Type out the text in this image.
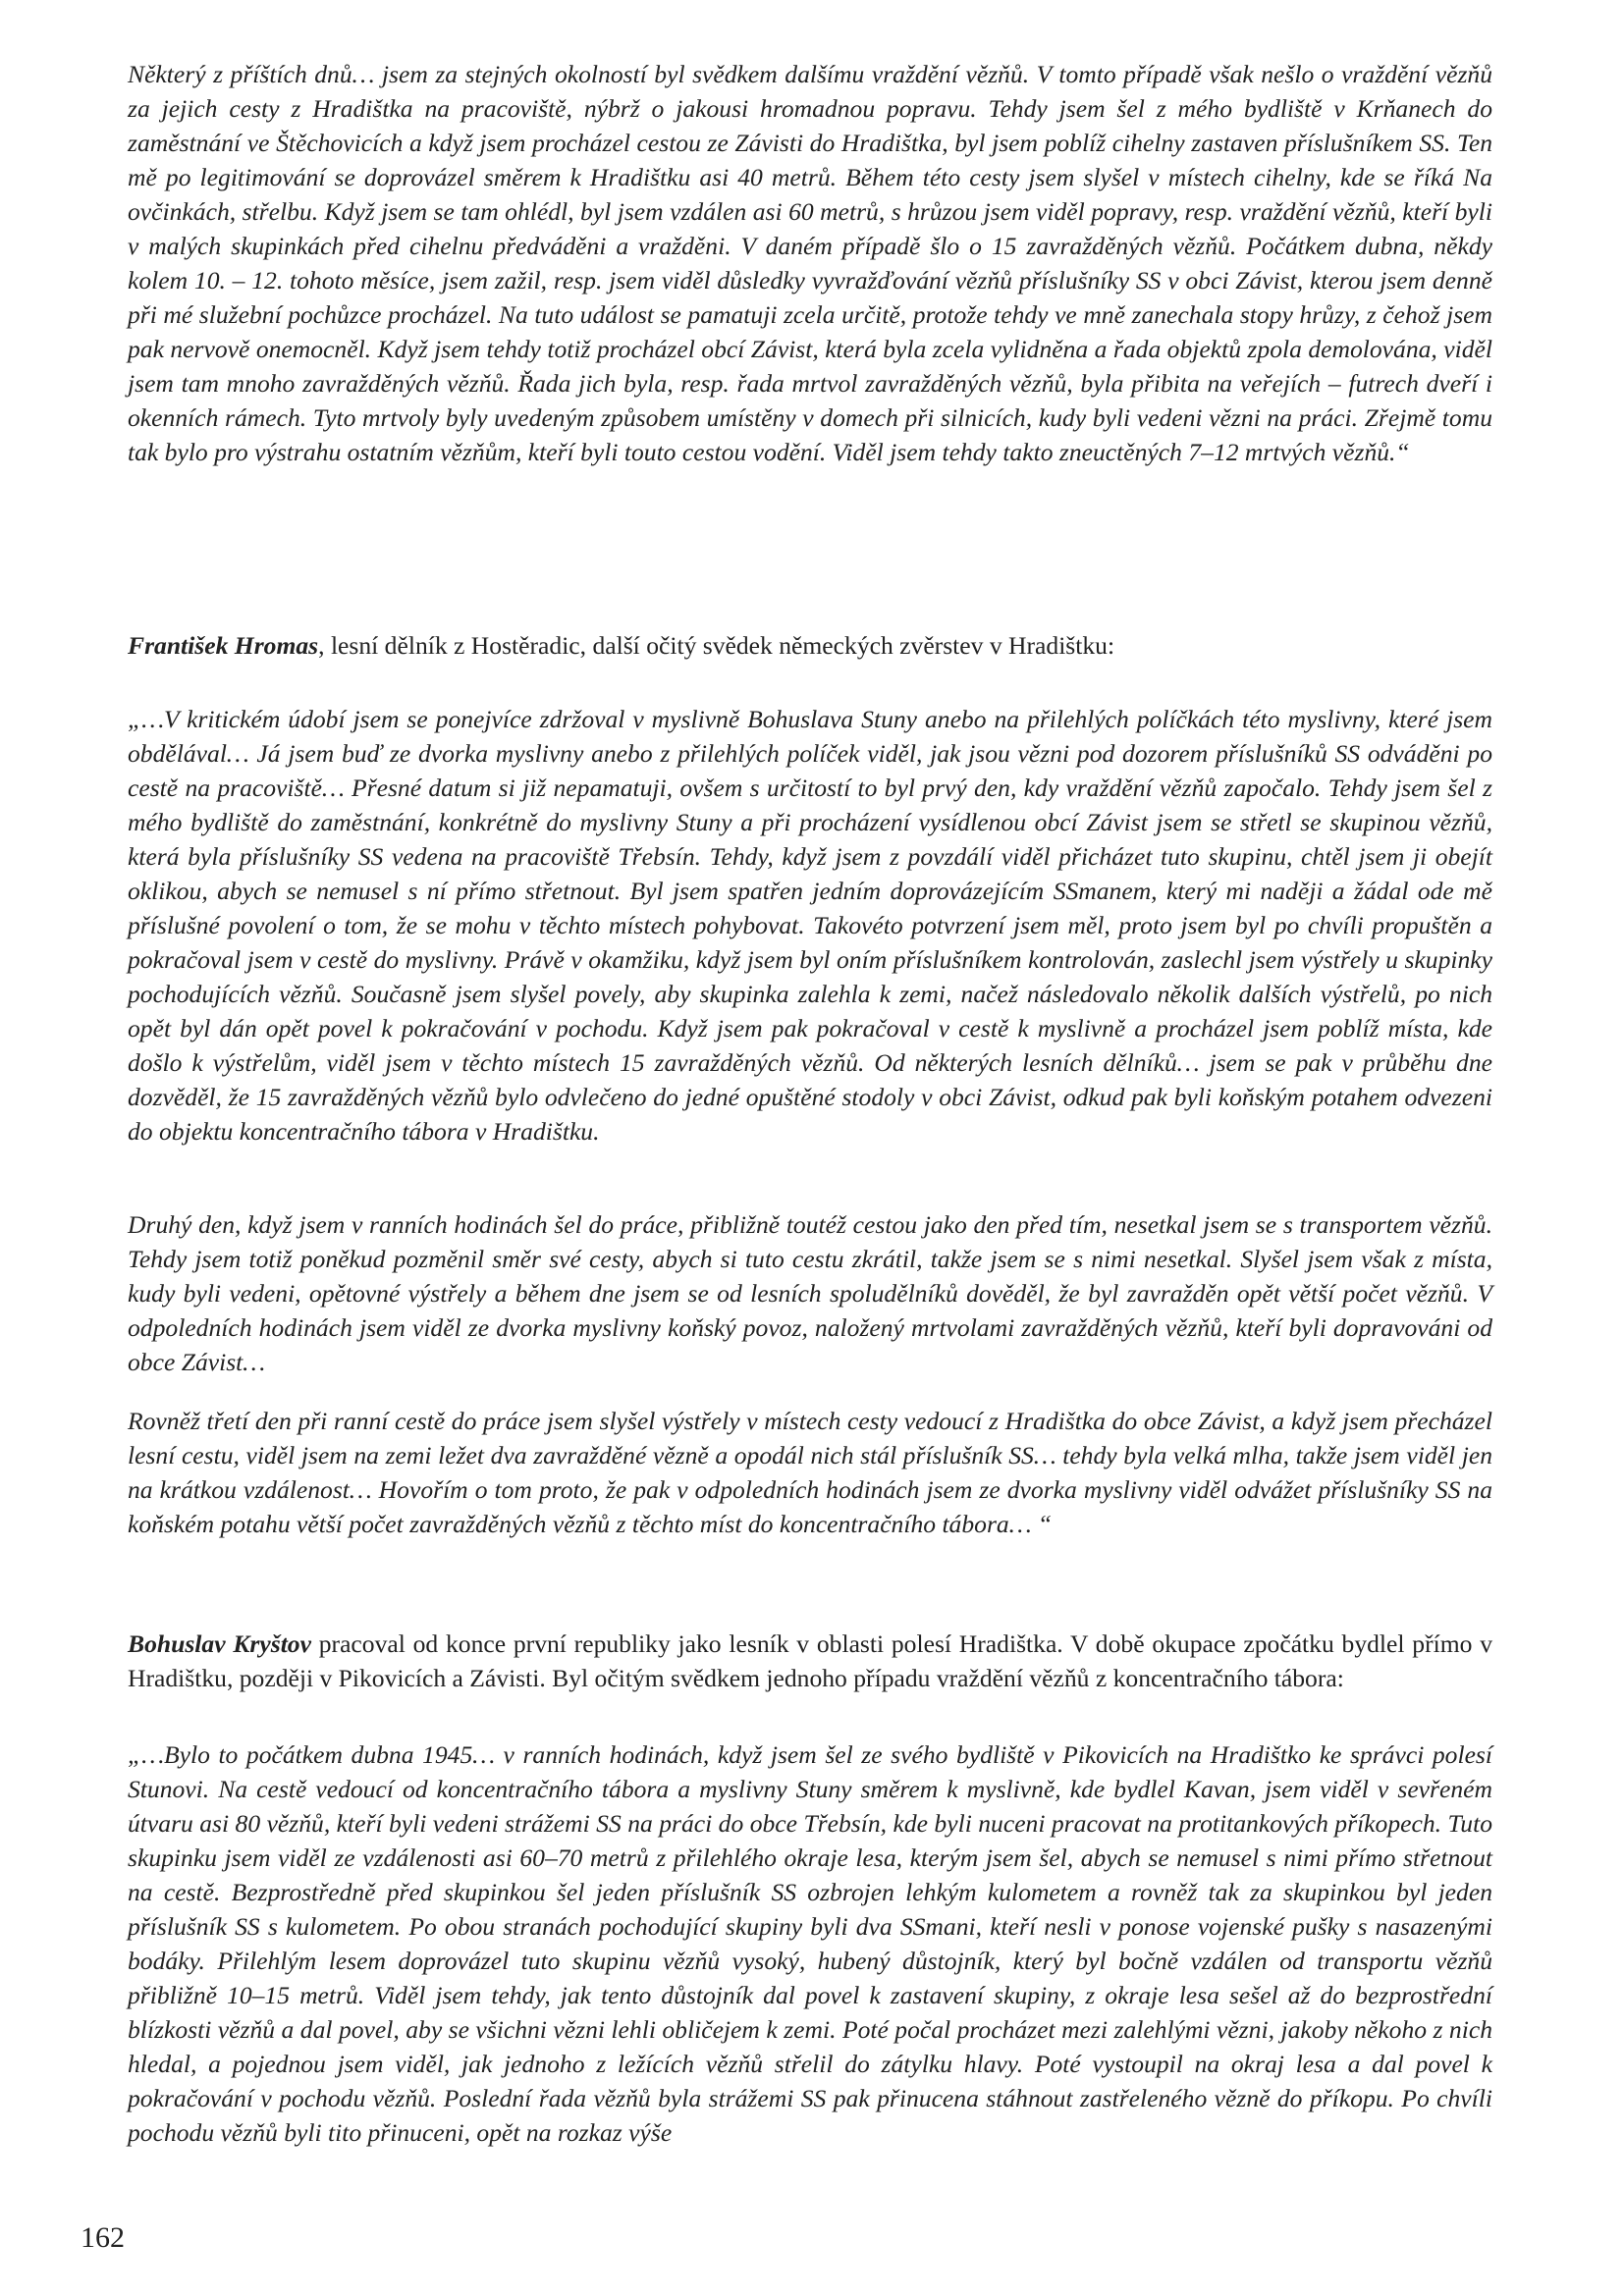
Některý z příštích dnů… jsem za stejných okolností byl svědkem dalšímu vraždění vězňů. V tomto případě však nešlo o vraždění vězňů za jejich cesty z Hradištka na pracoviště, nýbrž o jakousi hromadnou popravu. Tehdy jsem šel z mého bydliště v Krňanech do zaměstnání ve Štěchovicích a když jsem procházel cestou ze Závisti do Hradištka, byl jsem poblíž cihelny zastaven příslušníkem SS. Ten mě po legitimování se doprovázel směrem k Hradištku asi 40 metrů. Během této cesty jsem slyšel v místech cihelny, kde se říká Na ovčinkách, střelbu. Když jsem se tam ohlédl, byl jsem vzdálen asi 60 metrů, s hrůzou jsem viděl popravy, resp. vraždění vězňů, kteří byli v malých skupinkách před cihelnu předváděni a vražděni. V daném případě šlo o 15 zavražděných vězňů. Počátkem dubna, někdy kolem 10. – 12. tohoto měsíce, jsem zažil, resp. jsem viděl důsledky vyvražďování vězňů příslušníky SS v obci Závist, kterou jsem denně při mé služební pochůzce procházel. Na tuto událost se pamatuji zcela určitě, protože tehdy ve mně zanechala stopy hrůzy, z čehož jsem pak nervově onemocněl. Když jsem tehdy totiž procházel obcí Závist, která byla zcela vylidněna a řada objektů zpola demolována, viděl jsem tam mnoho zavražděných vězňů. Řada jich byla, resp. řada mrtvol zavražděných vězňů, byla přibita na veřejích – futrech dveří i okenních rámech. Tyto mrtvoly byly uvedeným způsobem umístěny v domech při silnicích, kudy byli vedeni vězni na práci. Zřejmě tomu tak bylo pro výstrahu ostatním vězňům, kteří byli touto cestou vodění. Viděl jsem tehdy takto zneuctěných 7–12 mrtvých vězňů.“

František Hromas, lesní dělník z Hostěradic, další očitý svědek německých zvěrstev v Hradištku:

„…V kritickém údobí jsem se ponejvíce zdržoval v myslivně Bohuslava Stuny anebo na přilehlých políčkách této myslivny, které jsem obdělával… Já jsem buď ze dvorka myslivny anebo z přilehlých políček viděl, jak jsou vězni pod dozorem příslušníků SS odváděni po cestě na pracoviště… Přesné datum si již nepamatuji, ovšem s určitostí to byl prvý den, kdy vraždění vězňů započalo. Tehdy jsem šel z mého bydliště do zaměstnání, konkrétně do myslivny Stuny a při procházení vysídlenou obcí Závist jsem se střetl se skupinou vězňů, která byla příslušníky SS vedena na pracoviště Třebsín. Tehdy, když jsem z povzdálí viděl přicházet tuto skupinu, chtěl jsem ji obejít oklikou, abych se nemusel s ní přímo střetnout. Byl jsem spatřen jedním doprovázejícím SSmanem, který mi naději a žádal ode mě příslušné povolení o tom, že se mohu v těchto místech pohybovat. Takovéto potvrzení jsem měl, proto jsem byl po chvíli propuštěn a pokračoval jsem v cestě do myslivny. Právě v okamžiku, když jsem byl oním příslušníkem kontrolován, zaslechl jsem výstřely u skupinky pochodujících vězňů. Současně jsem slyšel povely, aby skupinka zalehla k zemi, načež následovalo několik dalších výstřelů, po nich opět byl dán opět povel k pokračování v pochodu. Když jsem pak pokračoval v cestě k myslivně a procházel jsem poblíž místa, kde došlo k výstřelům, viděl jsem v těchto místech 15 zavražděných vězňů. Od některých lesních dělníků… jsem se pak v průběhu dne dozvěděl, že 15 zavražděných vězňů bylo odvlečeno do jedné opuštěné stodoly v obci Závist, odkud pak byli koňským potahem odvezeni do objektu koncentračního tábora v Hradištku.

Druhý den, když jsem v ranních hodinách šel do práce, přibližně toutéž cestou jako den před tím, nesetkal jsem se s transportem vězňů. Tehdy jsem totiž poněkud pozměnil směr své cesty, abych si tuto cestu zkrátil, takže jsem se s nimi nesetkal. Slyšel jsem však z místa, kudy byli vedeni, opětovné výstřely a během dne jsem se od lesních spoludělníků dověděl, že byl zavražděn opět větší počet vězňů. V odpoledních hodinách jsem viděl ze dvorka myslivny koňský povoz, naložený mrtvolami zavražděných vězňů, kteří byli dopravováni od obce Závist…

Rovněž třetí den při ranní cestě do práce jsem slyšel výstřely v místech cesty vedoucí z Hradištka do obce Závist, a když jsem přecházel lesní cestu, viděl jsem na zemi ležet dva zavražděné vězně a opodál nich stál příslušník SS… tehdy byla velká mlha, takže jsem viděl jen na krátkou vzdálenost… Hovořím o tom proto, že pak v odpoledních hodinách jsem ze dvorka myslivny viděl odvážet příslušníky SS na koňském potahu větší počet zavražděných vězňů z těchto míst do koncentračního tábora… “

Bohuslav Kryštov pracoval od konce první republiky jako lesník v oblasti polesí Hradištka. V době okupace zpočátku bydlel přímo v Hradištku, později v Pikovicích a Závisti. Byl očitým svědkem jednoho případu vraždění vězňů z koncentračního tábora:

„…Bylo to počátkem dubna 1945… v ranních hodinách, když jsem šel ze svého bydliště v Pikovicích na Hradištko ke správci polesí Stunovi. Na cestě vedoucí od koncentračního tábora a myslivny Stuny směrem k myslivně, kde bydlel Kavan, jsem viděl v sevřeném útvaru asi 80 vězňů, kteří byli vedeni strážemi SS na práci do obce Třebsín, kde byli nuceni pracovat na protitankových příkopech. Tuto skupinku jsem viděl ze vzdálenosti asi 60–70 metrů z přilehlého okraje lesa, kterým jsem šel, abych se nemusel s nimi přímo střetnout na cestě. Bezprostředně před skupinkou šel jeden příslušník SS ozbrojen lehkým kulometem a rovněž tak za skupinkou byl jeden příslušník SS s kulometem. Po obou stranách pochodující skupiny byli dva SSmani, kteří nesli v ponose vojenské pušky s nasazenými bodáky. Přilehlým lesem doprovázel tuto skupinu vězňů vysoký, hubený důstojník, který byl bočně vzdálen od transportu vězňů přibližně 10–15 metrů. Viděl jsem tehdy, jak tento důstojník dal povel k zastavení skupiny, z okraje lesa sešel až do bezprostřední blízkosti vězňů a dal povel, aby se všichni vězni lehli obličejem k zemi. Poté počal procházet mezi zalehlými vězni, jakoby někoho z nich hledal, a pojednou jsem viděl, jak jednoho z ležících vězňů střelil do zátylku hlavy. Poté vystoupil na okraj lesa a dal povel k pokračování v pochodu vězňů. Poslední řada vězňů byla strážemi SS pak přinucena stáhnout zastřeleného vězně do příkopu. Po chvíli pochodu vězňů byli tito přinuceni, opět na rozkaz výše

162
